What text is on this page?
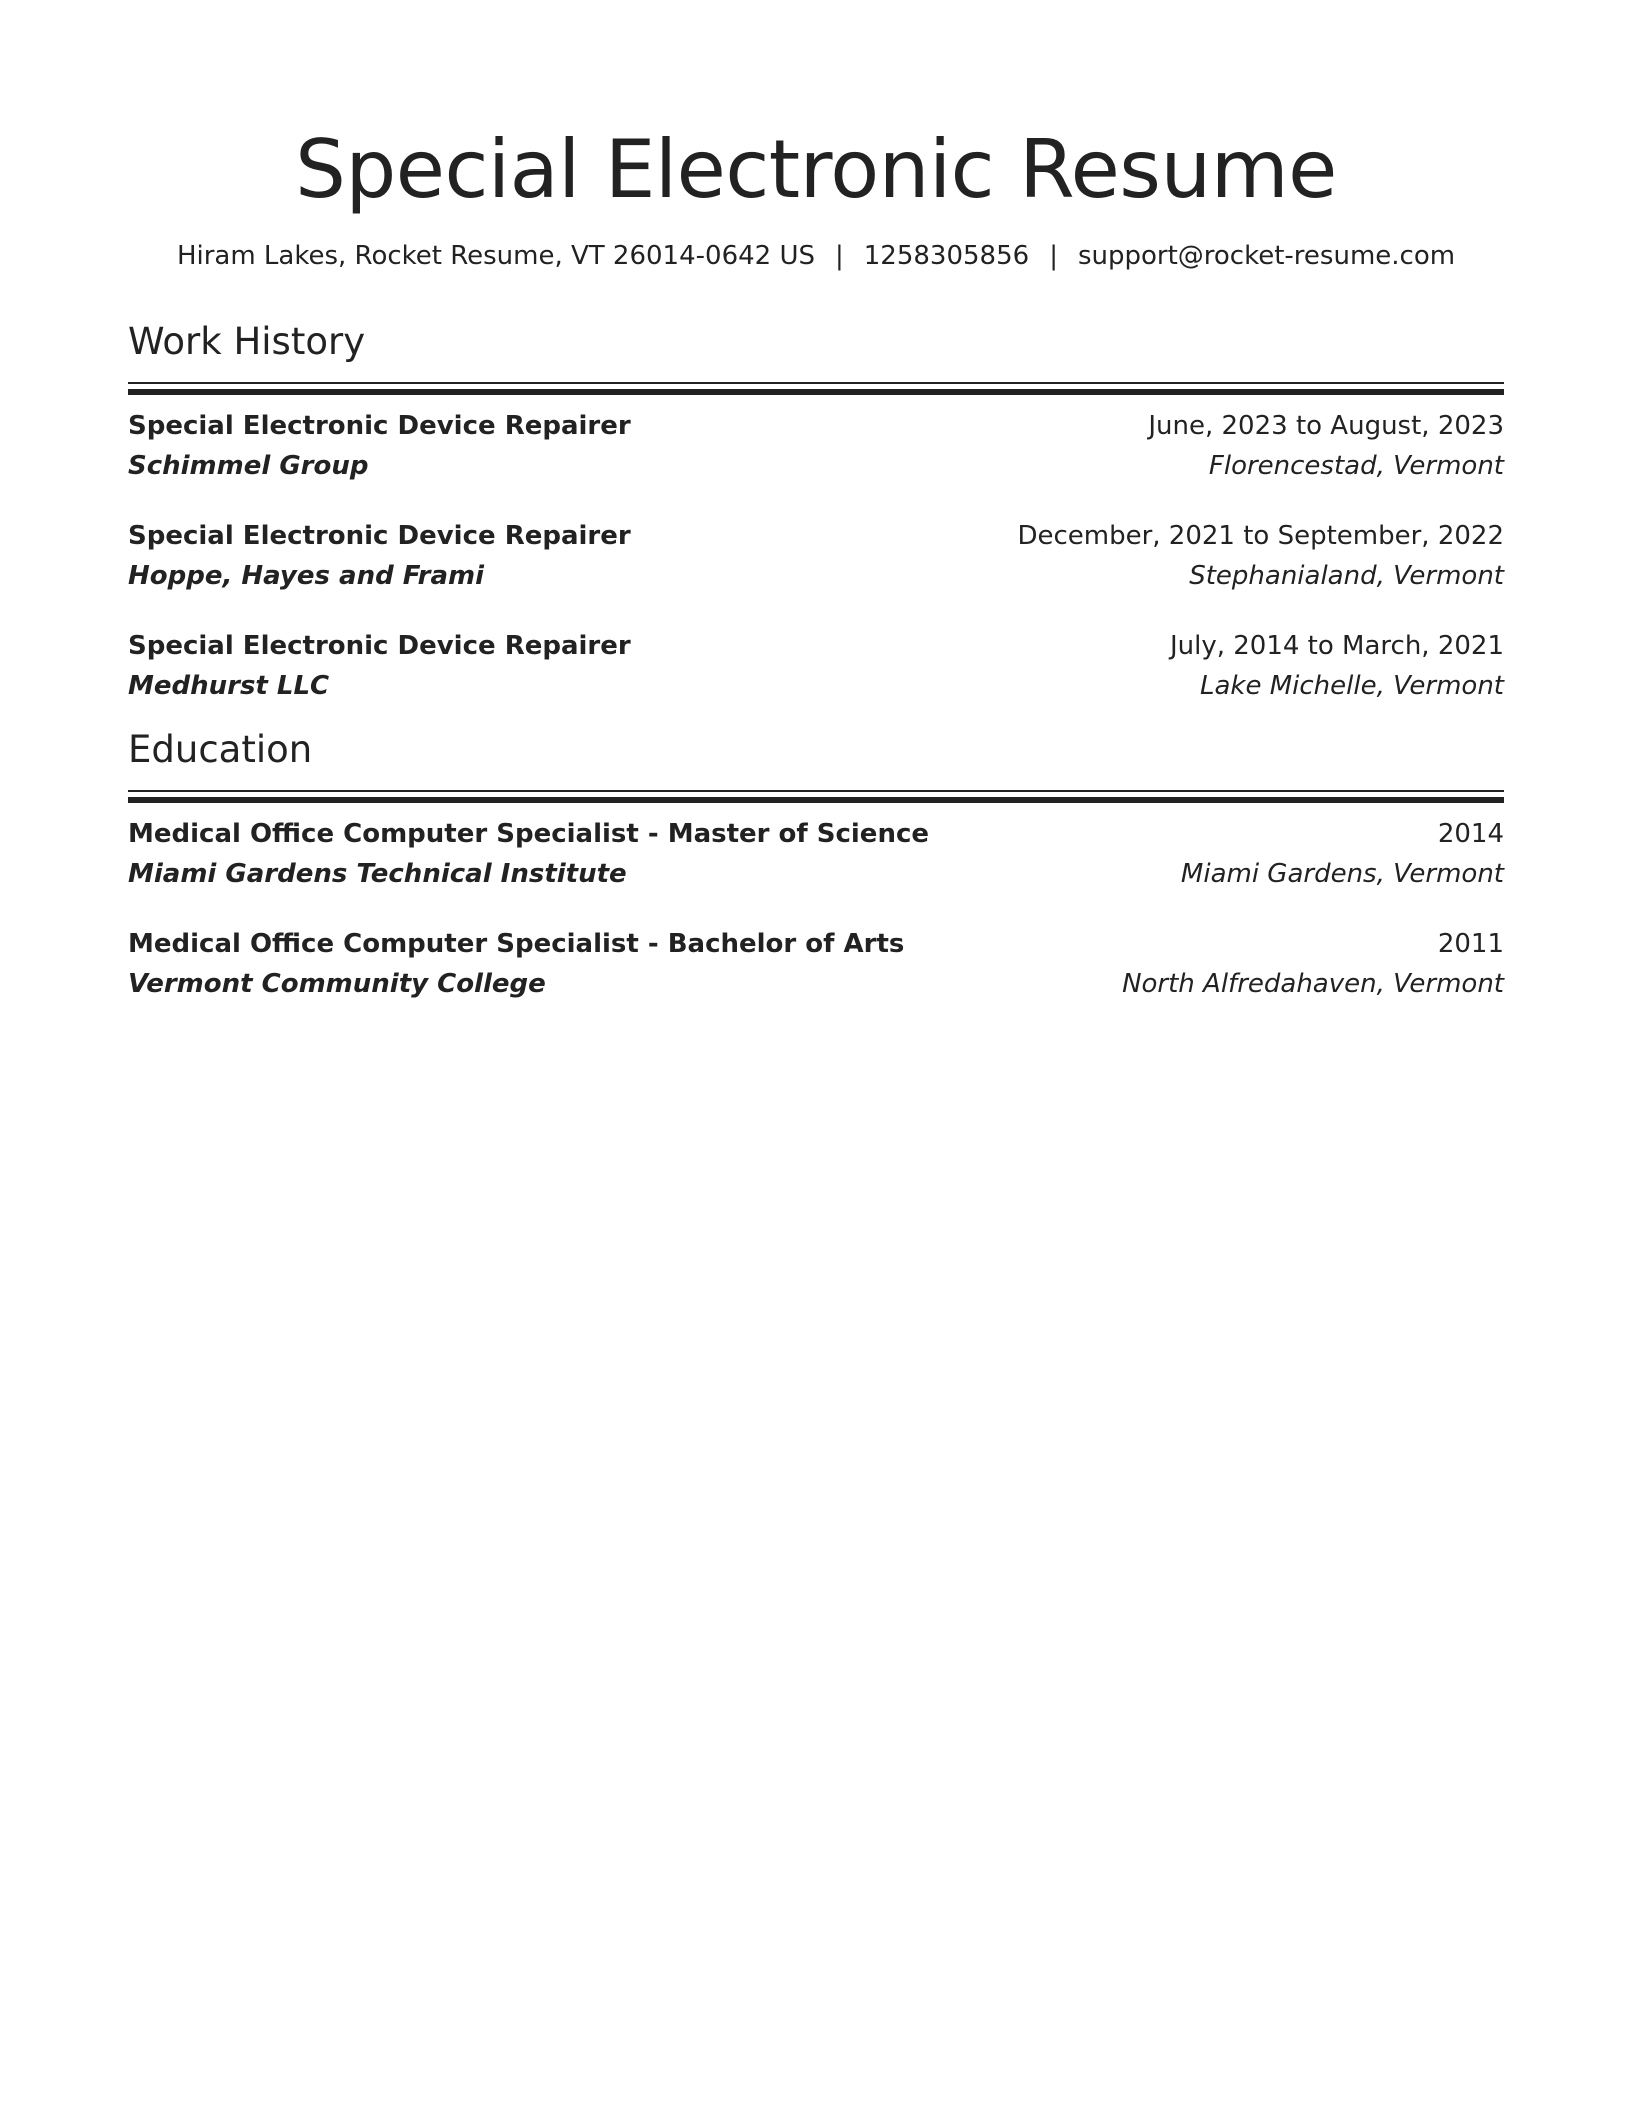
Special Electronic Resume
Hiram Lakes, Rocket Resume, VT 26014-0642 US | 1258305856 | support@rocket-resume.com
Work History
Special Electronic Device Repairer	June, 2023 to August, 2023
Schimmel Group	Florencestad, Vermont
Special Electronic Device Repairer	December, 2021 to September, 2022
Hoppe, Hayes and Frami	Stephanialand, Vermont
Special Electronic Device Repairer	July, 2014 to March, 2021
Medhurst LLC	Lake Michelle, Vermont
Education
Medical Office Computer Specialist - Master of Science	2014
Miami Gardens Technical Institute	Miami Gardens, Vermont
Medical Office Computer Specialist - Bachelor of Arts	2011
Vermont Community College	North Alfredahaven, Vermont
